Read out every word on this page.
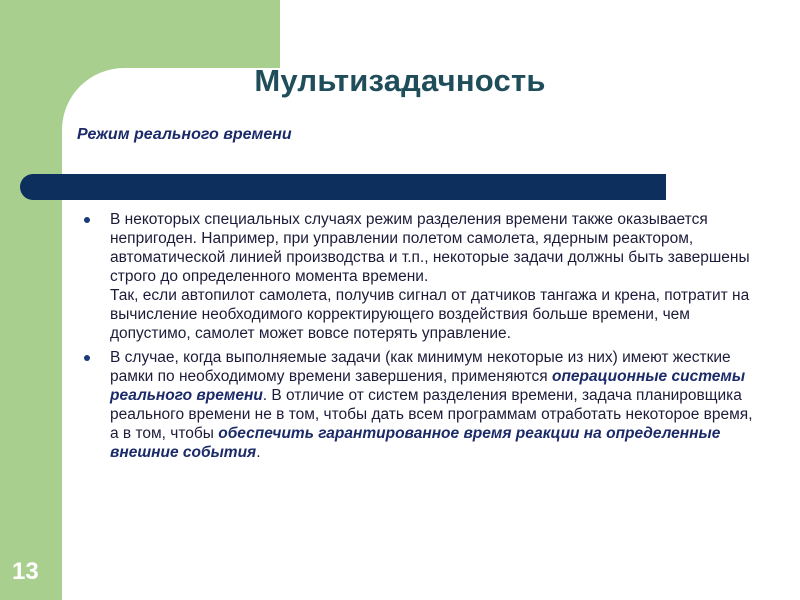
Мультизадачность
Режим реального времени
В некоторых специальных случаях режим разделения времени также оказывается непригоден. Например, при управлении полетом самолета, ядерным реактором, автоматической линией производства и т.п., некоторые задачи должны быть завершены строго до определенного момента времени.
Так, если автопилот самолета, получив сигнал от датчиков тангажа и крена, потратит на вычисление необходимого корректирующего воздействия больше времени, чем допустимо, самолет может вовсе потерять управление.
В случае, когда выполняемые задачи (как минимум некоторые из них) имеют жесткие рамки по необходимому времени завершения, применяются операционные системы реального времени. В отличие от систем разделения времени, задача планировщика реального времени не в том, чтобы дать всем программам отработать некоторое время, а в том, чтобы обеспечить гарантированное время реакции на определенные внешние события.
13
